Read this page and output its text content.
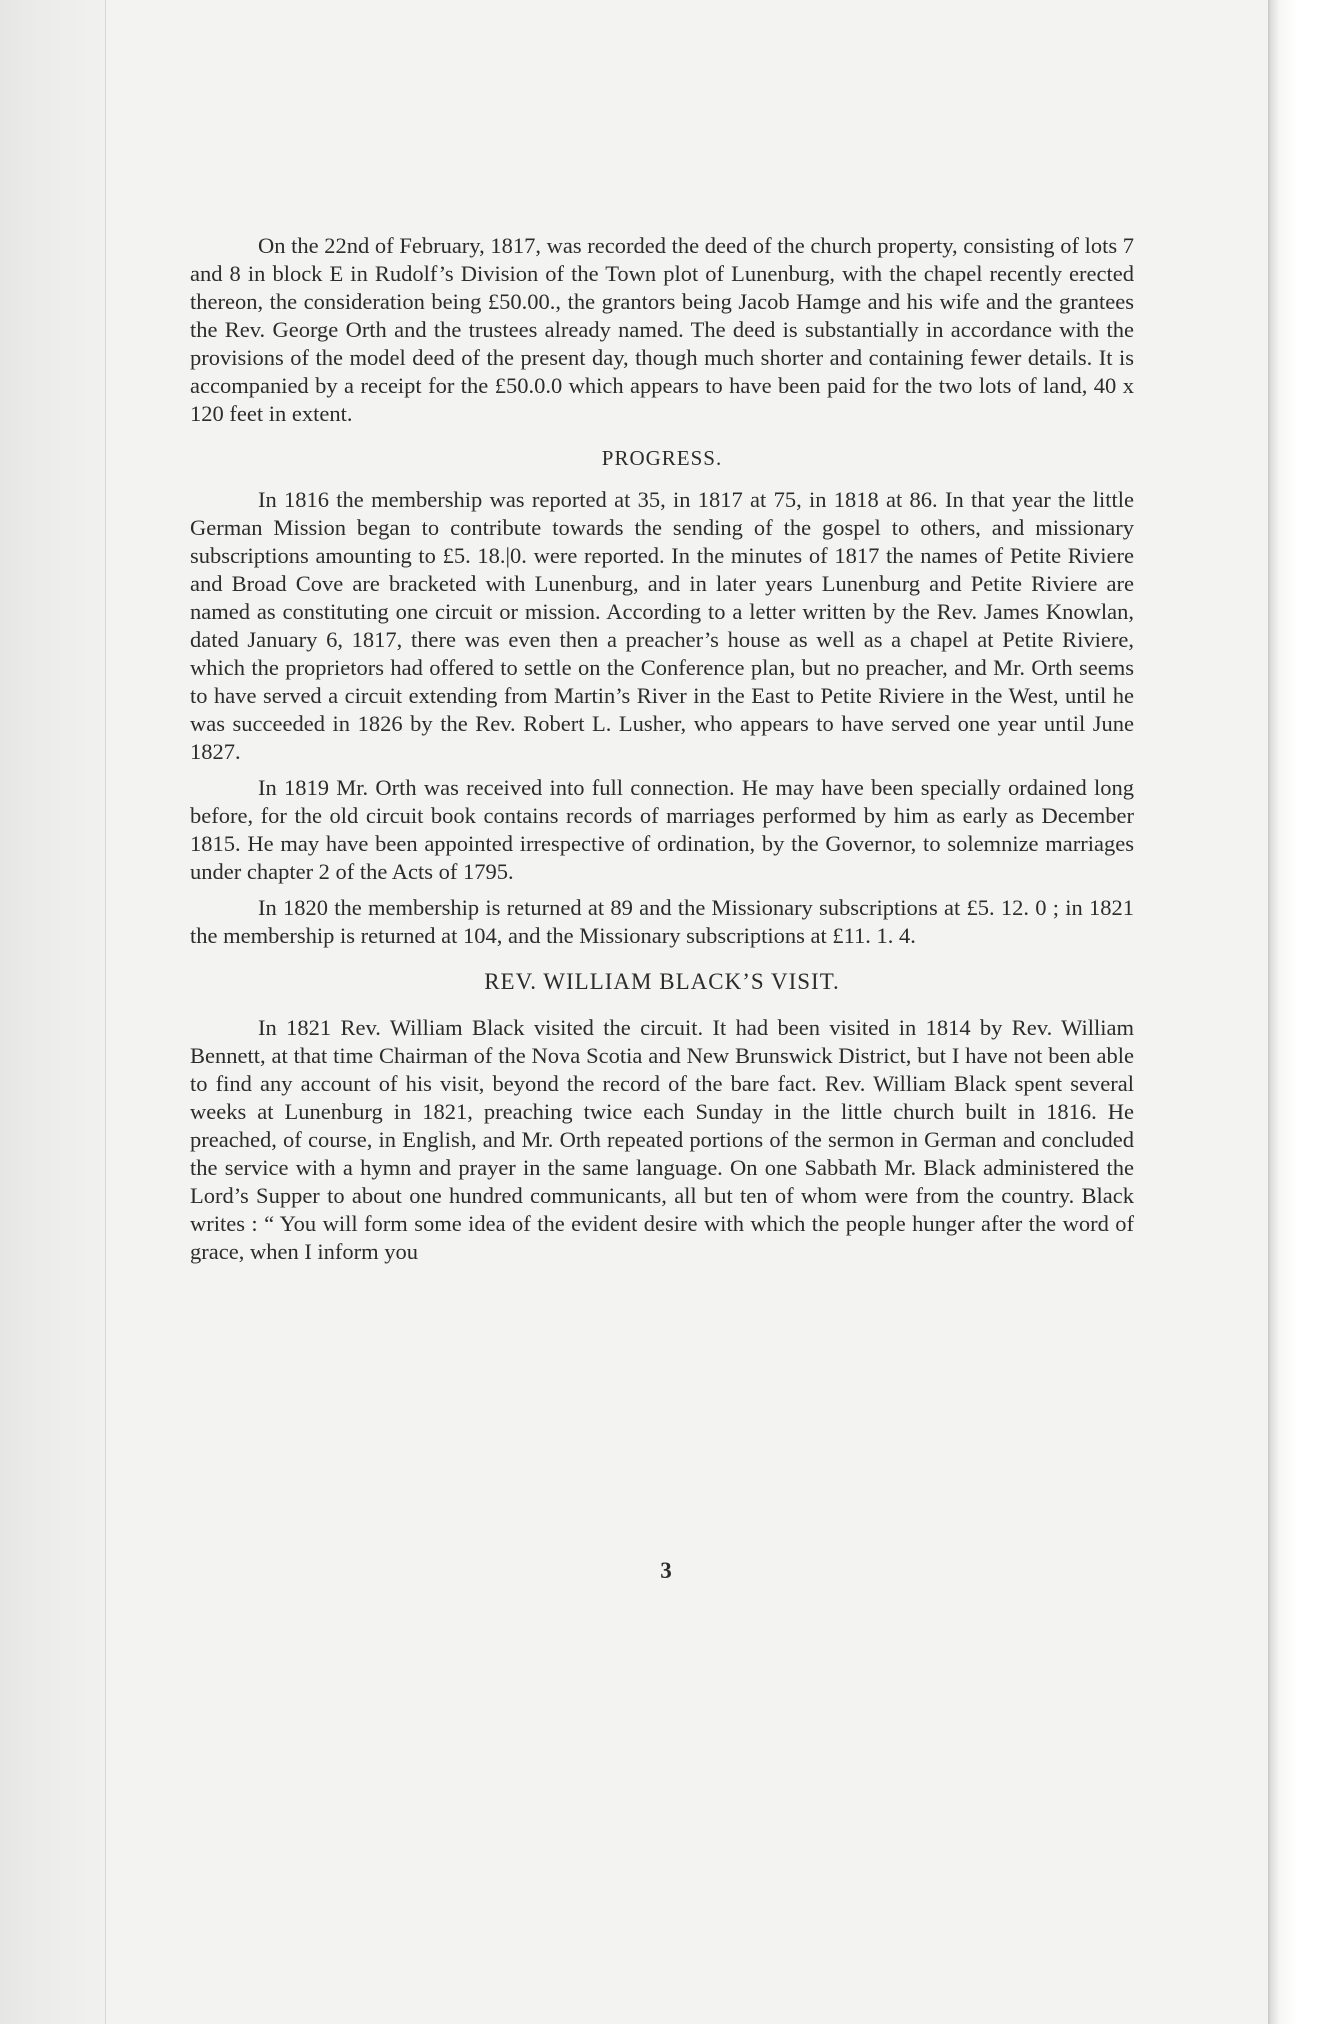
On the 22nd of February, 1817, was recorded the deed of the church property, consisting of lots 7 and 8 in block E in Rudolf’s Division of the Town plot of Lunenburg, with the chapel recently erected thereon, the consideration being £50.00., the grantors being Jacob Hamge and his wife and the grantees the Rev. George Orth and the trustees already named. The deed is substantially in accordance with the provisions of the model deed of the present day, though much shorter and containing fewer details. It is accompanied by a receipt for the £50.0.0 which appears to have been paid for the two lots of land, 40 x 120 feet in extent.

PROGRESS.

In 1816 the membership was reported at 35, in 1817 at 75, in 1818 at 86. In that year the little German Mission began to contribute towards the sending of the gospel to others, and missionary subscriptions amounting to £5. 18.|0. were reported. In the minutes of 1817 the names of Petite Riviere and Broad Cove are bracketed with Lunenburg, and in later years Lunenburg and Petite Riviere are named as constituting one circuit or mission. According to a letter written by the Rev. James Knowlan, dated January 6, 1817, there was even then a preacher’s house as well as a chapel at Petite Riviere, which the proprietors had offered to settle on the Conference plan, but no preacher, and Mr. Orth seems to have served a circuit extending from Martin’s River in the East to Petite Riviere in the West, until he was succeeded in 1826 by the Rev. Robert L. Lusher, who appears to have served one year until June 1827.

In 1819 Mr. Orth was received into full connection. He may have been specially ordained long before, for the old circuit book contains records of marriages performed by him as early as December 1815. He may have been appointed irrespective of ordination, by the Governor, to solemnize marriages under chapter 2 of the Acts of 1795.

In 1820 the membership is returned at 89 and the Missionary subscriptions at £5. 12. 0 ; in 1821 the membership is returned at 104, and the Missionary subscriptions at £11. 1. 4.

REV. WILLIAM BLACK’S VISIT.

In 1821 Rev. William Black visited the circuit. It had been visited in 1814 by Rev. William Bennett, at that time Chairman of the Nova Scotia and New Brunswick District, but I have not been able to find any account of his visit, beyond the record of the bare fact. Rev. William Black spent several weeks at Lunenburg in 1821, preaching twice each Sunday in the little church built in 1816. He preached, of course, in English, and Mr. Orth repeated portions of the sermon in German and concluded the service with a hymn and prayer in the same language. On one Sabbath Mr. Black administered the Lord’s Supper to about one hundred communicants, all but ten of whom were from the country. Black writes : “ You will form some idea of the evident desire with which the people hunger after the word of grace, when I inform you

3
